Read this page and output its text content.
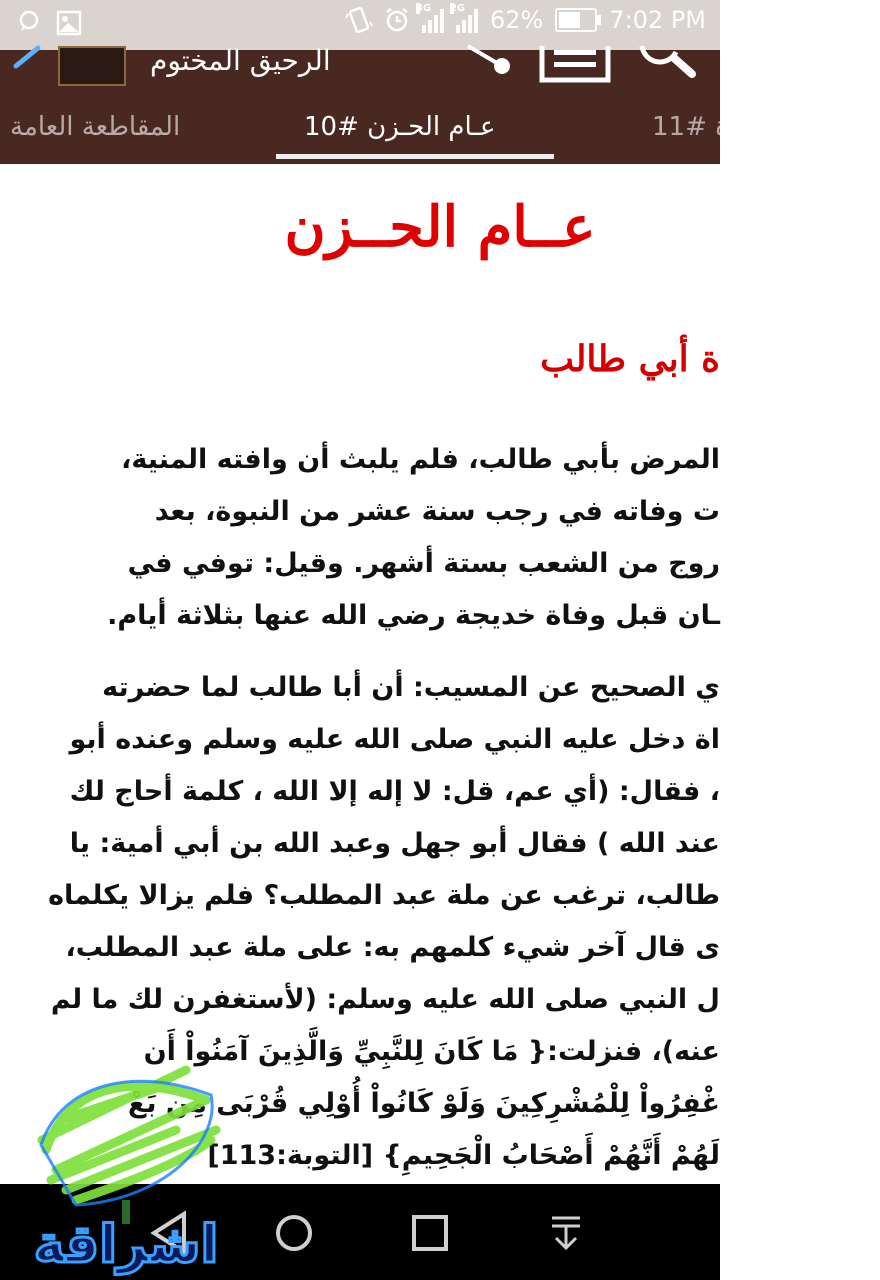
3G 2G 62%	7:02 PM
الرحيق المختوم
11# ة
عـام الحـزن #10
المقاطعة العامة
عــام الحــزن
ة أبي طالب
المرض بأبي طالب، فلم يلبث أن وافته المنية،
ت وفاته في رجب سنة عشر من النبوة، بعد
روج من الشعب بستة أشهر. وقيل: توفي في
ـان قبل وفاة خديجة رضي الله عنها بثلاثة أيام.
ي الصحيح عن المسيب: أن أبا طالب لما حضرته
اة دخل عليه النبي صلى الله عليه وسلم وعنده أبو
، فقال: (أي عم، قل: لا إله إلا الله ، كلمة أحاج لك
عند الله ) فقال أبو جهل وعبد الله بن أبي أمية: يا
طالب، ترغب عن ملة عبد المطلب؟ فلم يزالا يكلماه
ى قال آخر شيء كلمهم به: على ملة عبد المطلب،
ل النبي صلى الله عليه وسلم: (لأستغفرن لك ما لم
عنه)، فنزلت:{ مَا كَانَ لِلنَّبِيِّ وَالَّذِينَ آمَنُواْ أَن
غْفِرُواْ لِلْمُشْرِكِينَ وَلَوْ كَانُواْ أُوْلِي قُرْبَى مِن بَعْ
لَهُمْ أَنَّهُمْ أَصْحَابُ الْجَحِيمِ} [التوبة:113]
اشراقة
